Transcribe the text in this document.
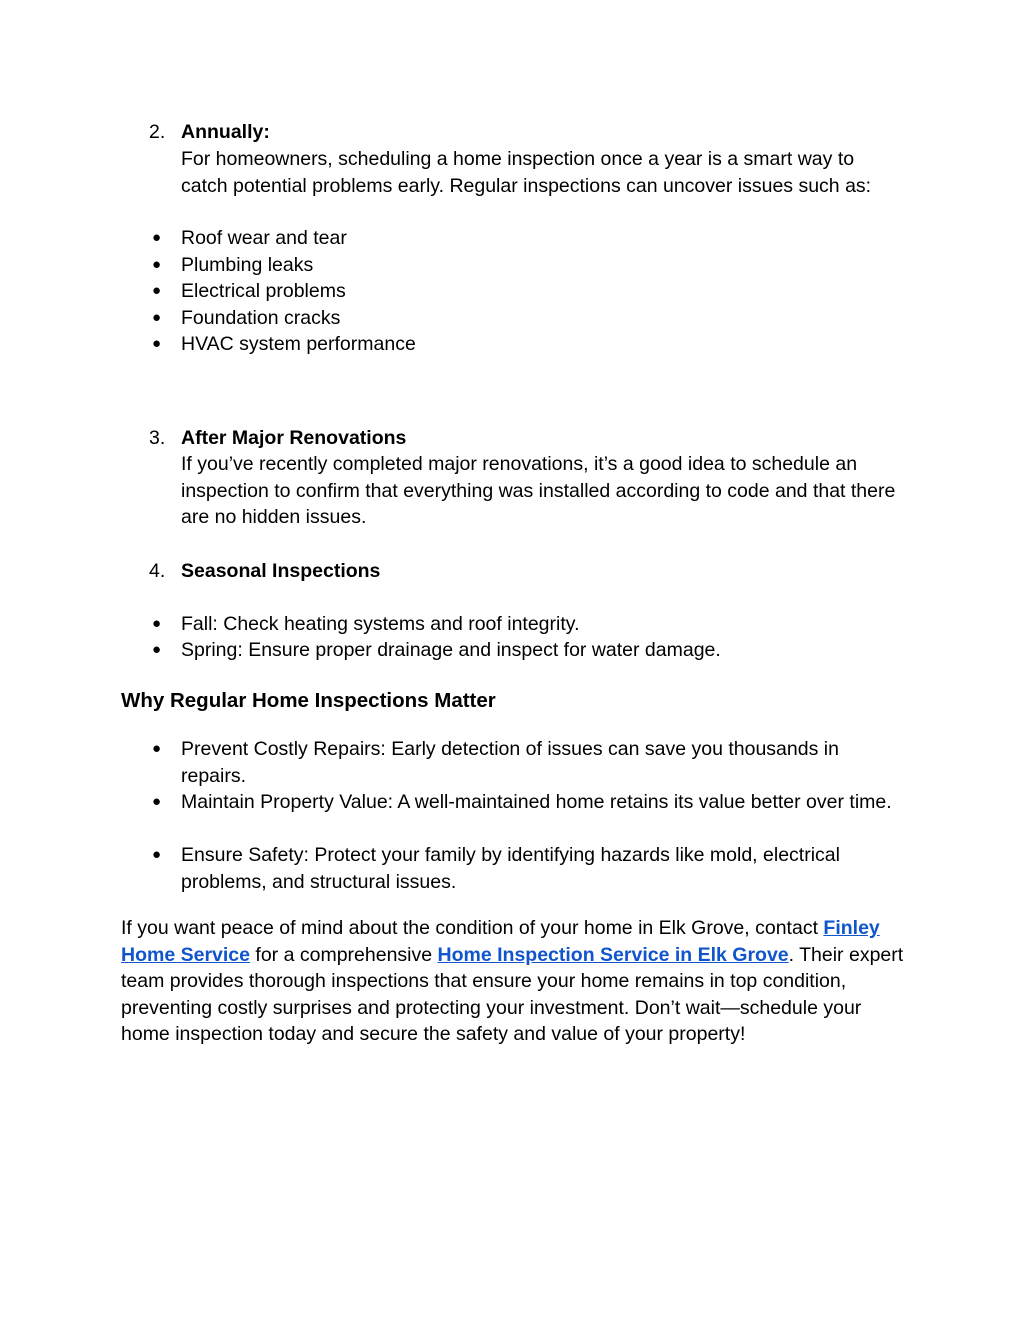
2. Annually:
For homeowners, scheduling a home inspection once a year is a smart way to catch potential problems early. Regular inspections can uncover issues such as:
●	Roof wear and tear
●	Plumbing leaks
●	Electrical problems
●	Foundation cracks
●	HVAC system performance
3. After Major Renovations
If you’ve recently completed major renovations, it’s a good idea to schedule an inspection to confirm that everything was installed according to code and that there are no hidden issues.
4. Seasonal Inspections
●	Fall: Check heating systems and roof integrity.
●	Spring: Ensure proper drainage and inspect for water damage.
Why Regular Home Inspections Matter
●	Prevent Costly Repairs: Early detection of issues can save you thousands in repairs.
●	Maintain Property Value: A well-maintained home retains its value better over time.
●	Ensure Safety: Protect your family by identifying hazards like mold, electrical problems, and structural issues.
If you want peace of mind about the condition of your home in Elk Grove, contact Finley Home Service for a comprehensive Home Inspection Service in Elk Grove. Their expert team provides thorough inspections that ensure your home remains in top condition, preventing costly surprises and protecting your investment. Don’t wait—schedule your home inspection today and secure the safety and value of your property!
